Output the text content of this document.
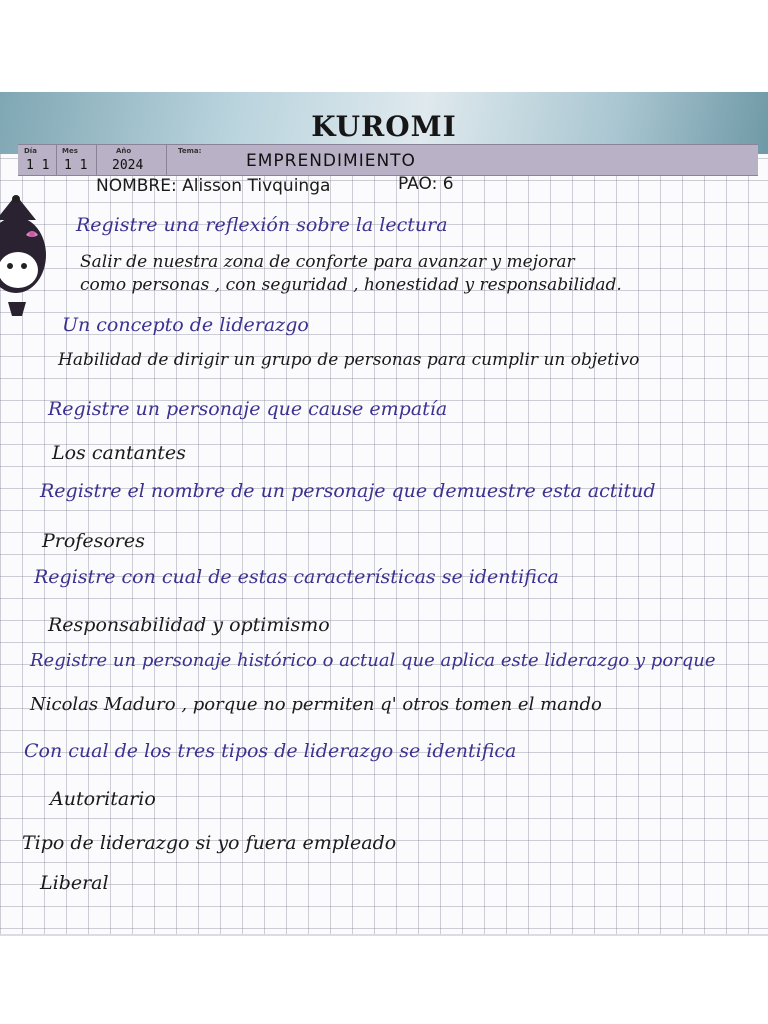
KUROMI
Día
1 1
Mes
1 1
Año
2024
Tema:	EMPRENDIMIENTO
NOMBRE: Alisson Tivquinga	PAO: 6
Registre una reflexión sobre la lectura
Salir de nuestra zona de conforte para avanzar y mejorar
como personas , con seguridad , honestidad y responsabilidad.
Un concepto de liderazgo
Habilidad de dirigir un grupo de personas para cumplir un objetivo
Registre un personaje que cause empatía
Los cantantes
Registre el nombre de un personaje que demuestre esta actitud
Profesores
Registre con cual de estas características se identifica
Responsabilidad y optimismo
Registre un personaje histórico o actual que aplica este liderazgo y porque
Nicolas Maduro , porque no permiten q' otros tomen el mando
Con cual de los tres tipos de liderazgo se identifica
Autoritario
Tipo de liderazgo si yo fuera empleado
Liberal
